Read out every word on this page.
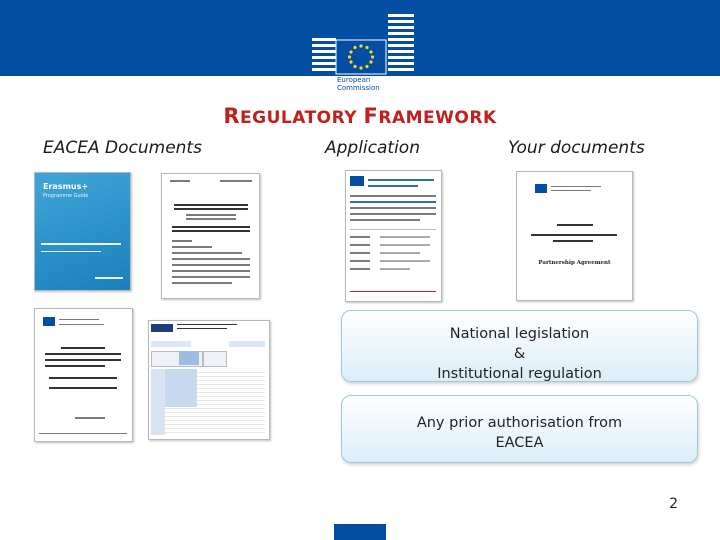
European
Commission
REGULATORY FRAMEWORK
EACEA Documents	Application	Your documents
Erasmus+
Programme Guide
Partnership Agreement
National legislation
&
Institutional regulation
Any prior authorisation from
EACEA
2
